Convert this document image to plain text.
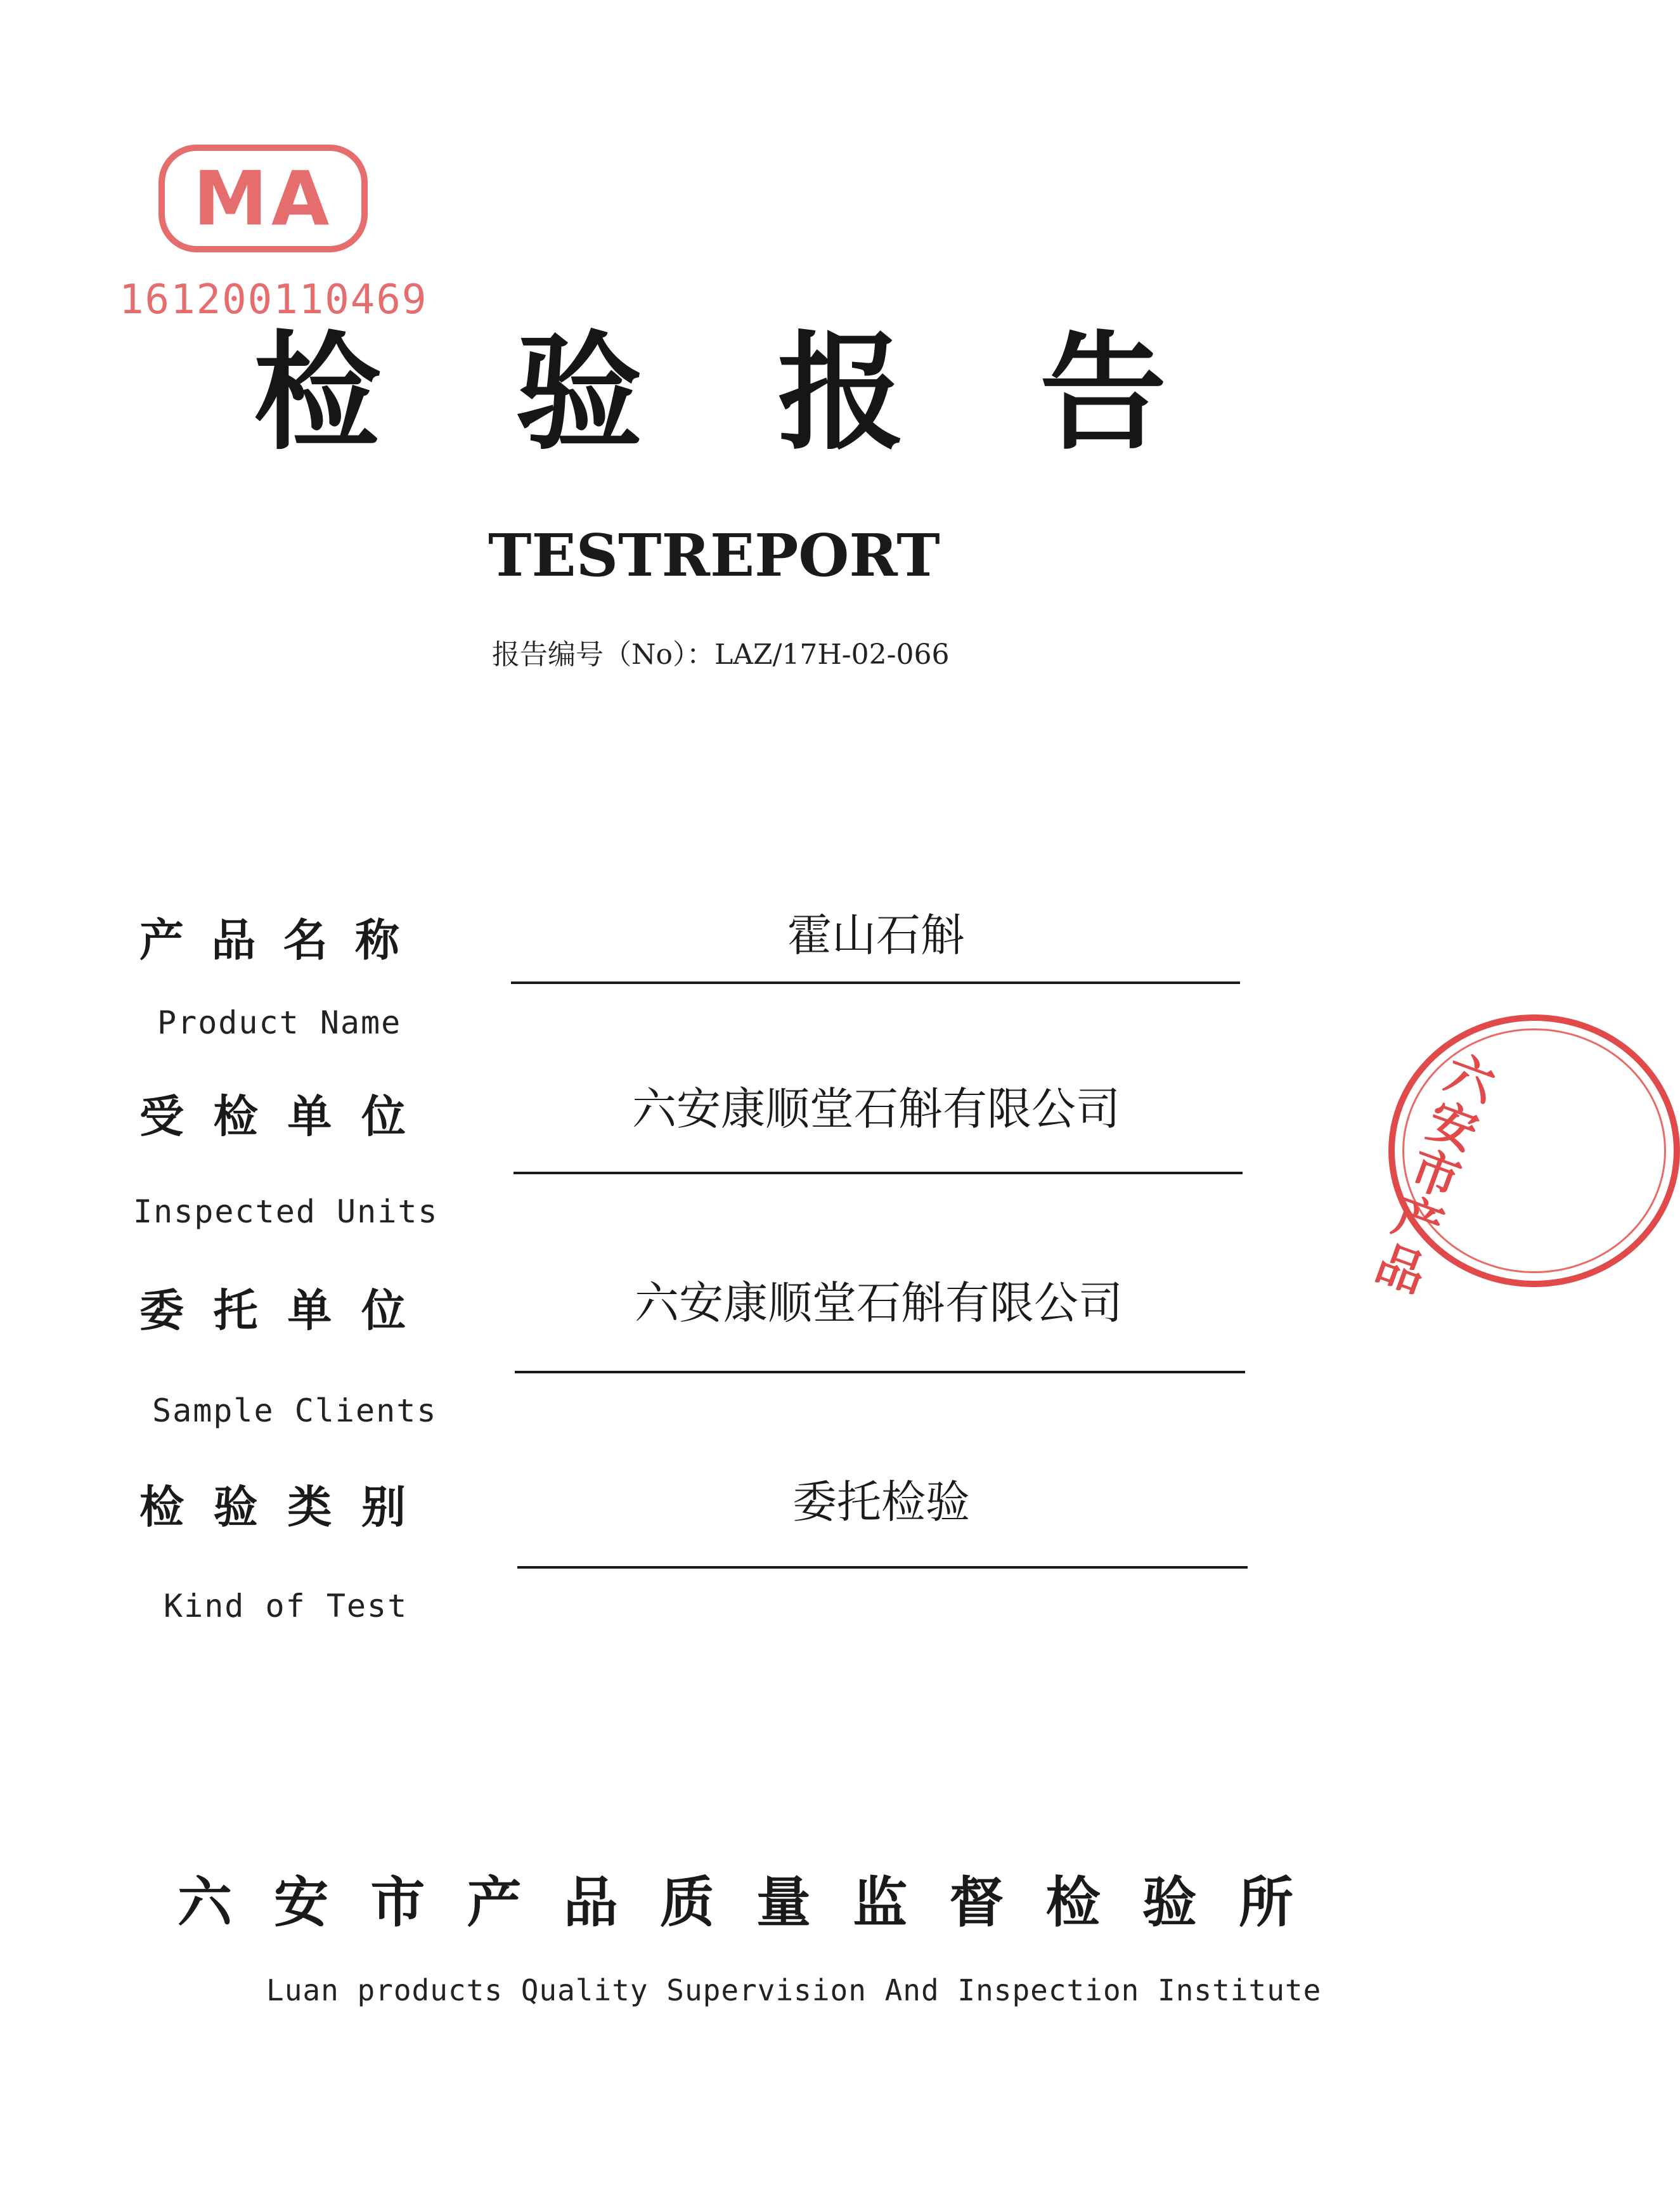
MA
161200110469
检 验 报 告
TEST REPORT
报告编号（No）：LAZ/17H-02-066
产 品 名 称
Product Name
霍山石斛
受 检 单 位
Inspected Units
六安康顺堂石斛有限公司
委 托 单 位
Sample Clients
六安康顺堂石斛有限公司
检 验 类 别
Kind of Test
委托检验
六 安 市 产 品 质 量 监 督 检 验 所
Luan products Quality Supervision And Inspection Institute
六
安
市
产
品
